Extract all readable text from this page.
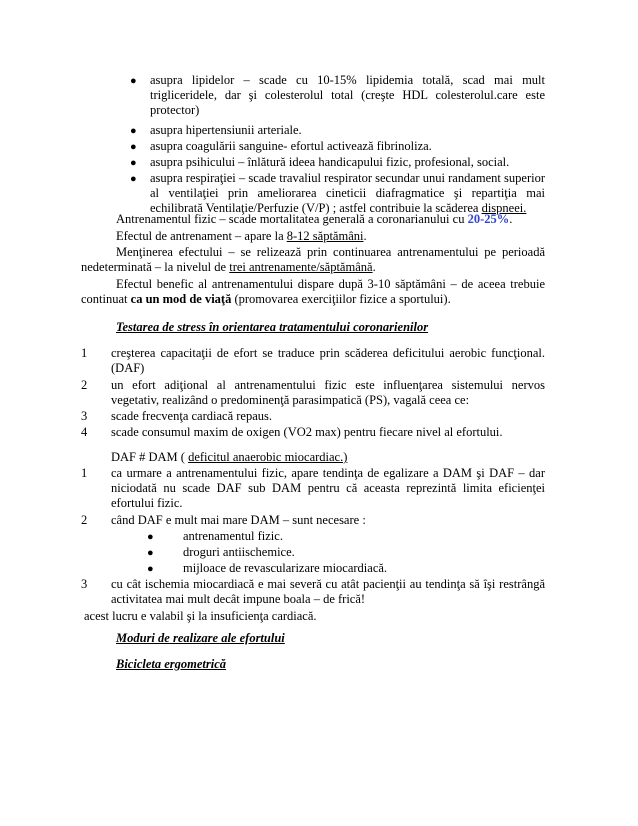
● asupra lipidelor – scade cu 10-15% lipidemia totală, scad mai mult trigliceridele, dar şi colesterolul total (creşte HDL colesterolul.care este protector)

● asupra hipertensiunii arteriale.

● asupra coagulării sanguine- efortul activează fibrinoliza.

● asupra psihicului – înlătură ideea handicapului fizic, profesional, social.

● asupra respiraţiei – scade travaliul respirator secundar unui randament superior al ventilaţiei prin ameliorarea cineticii diafragmatice şi repartiţia mai echilibrată Ventilaţie/Perfuzie (V/P) ; astfel contribuie la scăderea dispneei.

Antrenamentul fizic – scade mortalitatea generală a coronarianului cu 20-25%.

Efectul de antrenament – apare la 8-12 săptămâni.

Menţinerea efectului – se relizează prin continuarea antrenamentului pe perioadă nedeterminată – la nivelul de trei antrenamente/săptămână.

Efectul benefic al antrenamentului dispare după 3-10 săptămâni – de aceea trebuie continuat ca un mod de viaţă (promovarea exerciţiilor fizice a sportului).

Testarea de stress în orientarea tratamentului coronarienilor
1 creşterea capacitaţii de efort se traduce prin scăderea deficitului aerobic funcţional. (DAF)

2 un efort adiţional al antrenamentului fizic este influenţarea sistemului nervos vegetativ, realizând o predominenţă parasimpatică (PS), vagală ceea ce:

3 scade frecvenţa cardiacă repaus.

4 scade consumul maxim de oxigen (VO2 max) pentru fiecare nivel al efortului.

DAF # DAM ( deficitul anaerobic miocardiac.)

1 ca urmare a antrenamentului fizic, apare tendinţa de egalizare a DAM şi DAF – dar niciodată nu scade DAF sub DAM pentru că aceasta reprezintă limita eficienţei efortului fizic.

2 când DAF e mult mai mare DAM – sunt necesare :

● antrenamentul fizic.

● droguri antiischemice.

● mijloace de revascularizare miocardiacă.

3 cu cât ischemia miocardiacă e mai severă cu atât pacienţii au tendinţa să îşi restrângă activitatea mai mult decât impune boala – de frică!

acest lucru e valabil şi la insuficienţa cardiacă.

Moduri de realizare ale efortului
Bicicleta ergometrică
